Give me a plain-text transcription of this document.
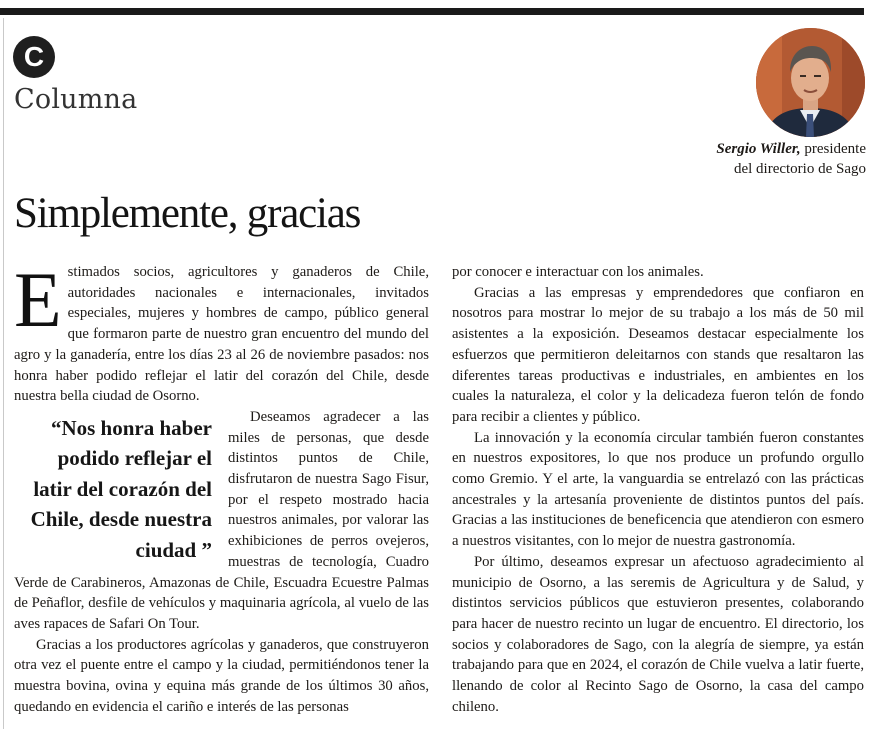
C
Columna
Sergio Willer, presidente
del directorio de Sago
Simplemente, gracias

Estimados socios, agricultores y ganaderos de Chile, autoridades nacionales e internacionales, invitados especiales, mujeres y hombres de campo, público general que formaron parte de nuestro gran encuentro del mundo del agro y la ganadería, entre los días 23 al 26 de noviembre pasados: nos honra haber podido reflejar el latir del corazón del Chile, desde nuestra bella ciudad de Osorno.

“Nos honra haber podido reflejar el latir del corazón del Chile, desde nuestra ciudad ”

Deseamos agradecer a las miles de personas, que desde distintos puntos de Chile, disfrutaron de nuestra Sago Fisur, por el respeto mostrado hacia nuestros animales, por valorar las exhibiciones de perros ovejeros, muestras de tecnología, Cuadro Verde de Carabineros, Amazonas de Chile, Escuadra Ecuestre Palmas de Peñaflor, desfile de vehículos y maquinaria agrícola, al vuelo de las aves rapaces de Safari On Tour.

Gracias a los productores agrícolas y ganaderos, que construyeron otra vez el puente entre el campo y la ciudad, permitiéndonos tener la muestra bovina, ovina y equina más grande de los últimos 30 años, quedando en evidencia el cariño e interés de las personas

por conocer e interactuar con los animales.

Gracias a las empresas y emprendedores que confiaron en nosotros para mostrar lo mejor de su trabajo a los más de 50 mil asistentes a la exposición. Deseamos destacar especialmente los esfuerzos que permitieron deleitarnos con stands que resaltaron las diferentes tareas productivas e industriales, en ambientes en los cuales la naturaleza, el color y la delicadeza fueron telón de fondo para recibir a clientes y público.

La innovación y la economía circular también fueron constantes en nuestros expositores, lo que nos produce un profundo orgullo como Gremio. Y el arte, la vanguardia se entrelazó con las prácticas ancestrales y la artesanía proveniente de distintos puntos del país. Gracias a las instituciones de beneficencia que atendieron con esmero a nuestros visitantes, con lo mejor de nuestra gastronomía.

Por último, deseamos expresar un afectuoso agradecimiento al municipio de Osorno, a las seremis de Agricultura y de Salud, y distintos servicios públicos que estuvieron presentes, colaborando para hacer de nuestro recinto un lugar de encuentro. El directorio, los socios y colaboradores de Sago, con la alegría de siempre, ya están trabajando para que en 2024, el corazón de Chile vuelva a latir fuerte, llenando de color al Recinto Sago de Osorno, la casa del campo chileno.
